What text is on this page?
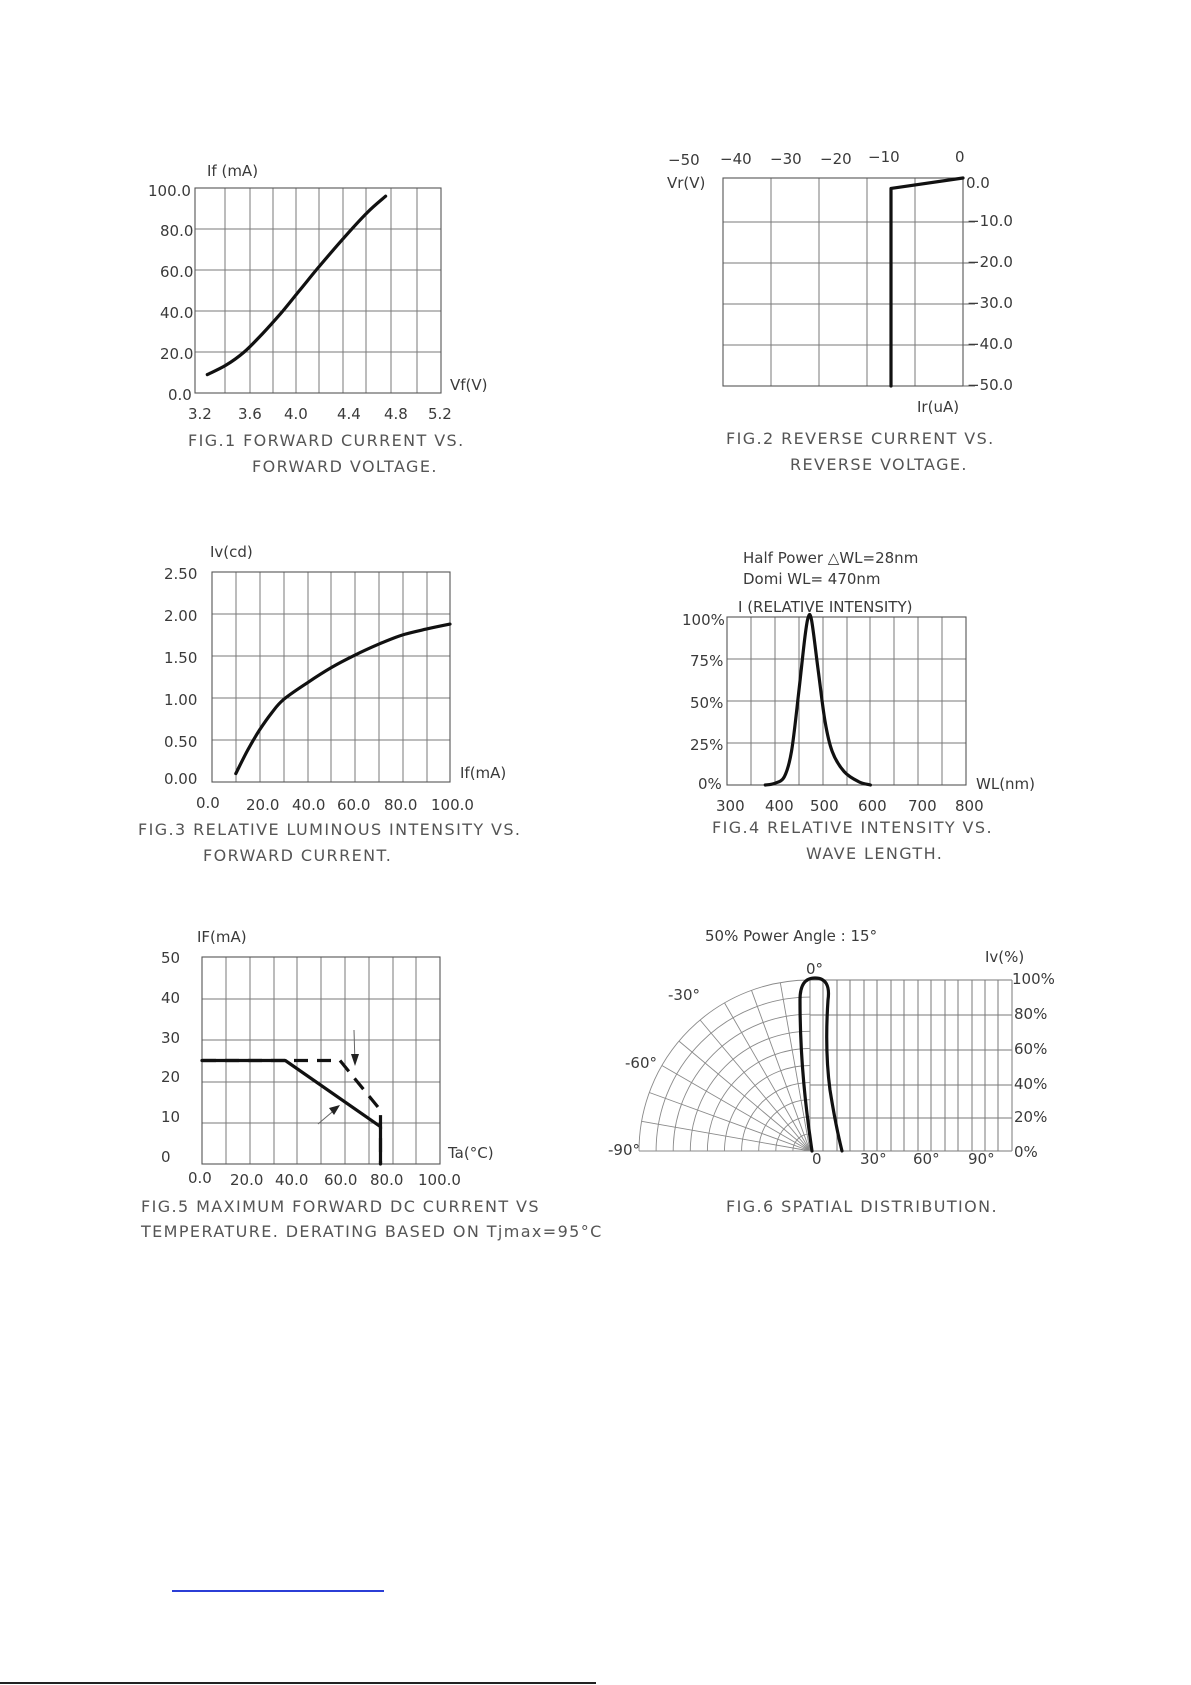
If (mA)
Vf(V)
100.0
80.0
60.0
40.0
20.0
0.0
3.2 3.6 4.0 4.4 4.8 5.2
FIG.1 FORWARD CURRENT VS.
FORWARD VOLTAGE.
Vr(V)
Ir(uA)
−50 −40 −30 −20 −10	0
0.0
−10.0
−20.0
−30.0
−40.0
−50.0
FIG.2 REVERSE CURRENT VS.
REVERSE VOLTAGE.
Iv(cd)
If(mA)
2.50
2.00
1.50
1.00
0.50
0.00
0.0 20.0 40.0 60.0 80.0 100.0
FIG.3 RELATIVE LUMINOUS INTENSITY VS.
FORWARD CURRENT.
Half Power △WL=28nm
Domi WL= 470nm
I (RELATIVE INTENSITY)
WL(nm)
100%
75%
50%
25%
0%
300 400 500 600 700 800
FIG.4 RELATIVE INTENSITY VS.
WAVE LENGTH.
IF(mA)
Ta(°C)
50
40
30
20
10
0
0.0 20.0 40.0 60.0 80.0 100.0
FIG.5 MAXIMUM FORWARD DC CURRENT VS
TEMPERATURE. DERATING BASED ON Tjmax=95°C
50% Power Angle : 15°
Iv(%)
0°
-30°
-60°
-90°	0	30° 60° 90°
100%
80%
60%
40%
20%
0%
FIG.6 SPATIAL DISTRIBUTION.
